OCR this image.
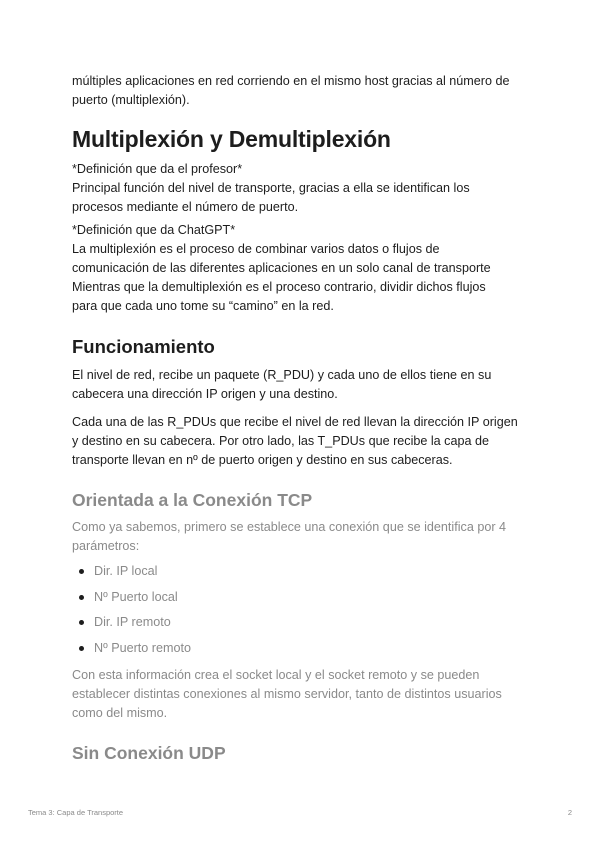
múltiples aplicaciones en red corriendo en el mismo host gracias al número de
puerto (multiplexión).

Multiplexión y Demultiplexión

*Definición que da el profesor*
Principal función del nivel de transporte, gracias a ella se identifican los
procesos mediante el número de puerto.

*Definición que da ChatGPT*
La multiplexión es el proceso de combinar varios datos o flujos de
comunicación de las diferentes aplicaciones en un solo canal de transporte
Mientras que la demultiplexión es el proceso contrario, dividir dichos flujos
para que cada uno tome su “camino” en la red.

Funcionamiento

El nivel de red, recibe un paquete (R_PDU) y cada uno de ellos tiene en su
cabecera una dirección IP origen y una destino.

Cada una de las R_PDUs que recibe el nivel de red llevan la dirección IP origen
y destino en su cabecera. Por otro lado, las T_PDUs que recibe la capa de
transporte llevan en nº de puerto origen y destino en sus cabeceras.

Orientada a la Conexión TCP

Como ya sabemos, primero se establece una conexión que se identifica por 4
parámetros:

Dir. IP local
Nº Puerto local
Dir. IP remoto
Nº Puerto remoto

Con esta información crea el socket local y el socket remoto y se pueden
establecer distintas conexiones al mismo servidor, tanto de distintos usuarios
como del mismo.

Sin Conexión UDP
Tema 3: Capa de Transporte	2
